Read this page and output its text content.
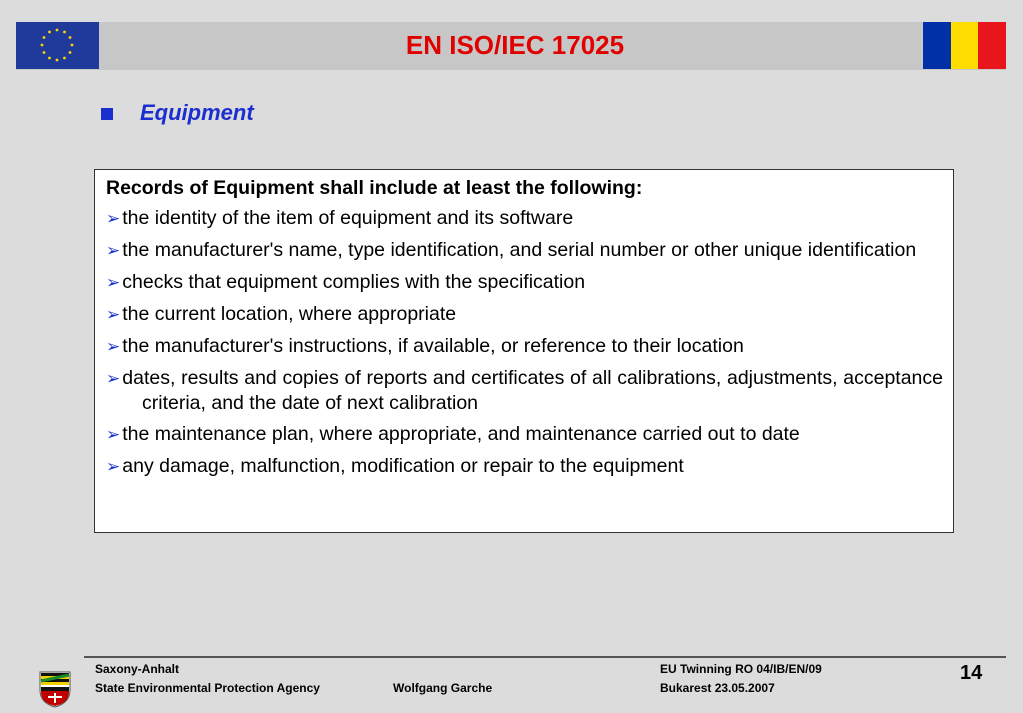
EN ISO/IEC 17025
Equipment
Records of Equipment shall include at least the following:
➢ the identity of the item of equipment and its software
➢ the manufacturer's name, type identification, and serial number or other unique identification
➢ checks that equipment complies with the specification
➢ the current location, where appropriate
➢ the manufacturer's instructions, if available, or reference to their location
➢ dates, results and copies of reports and certificates of all calibrations, adjustments, acceptance criteria, and the date of next calibration
➢ the maintenance plan, where appropriate, and maintenance carried out to date
➢ any damage, malfunction, modification or repair to the equipment
Saxony-Anhalt
State Environmental Protection Agency	Wolfgang Garche
EU Twinning RO 04/IB/EN/09
Bukarest 23.05.2007
14
